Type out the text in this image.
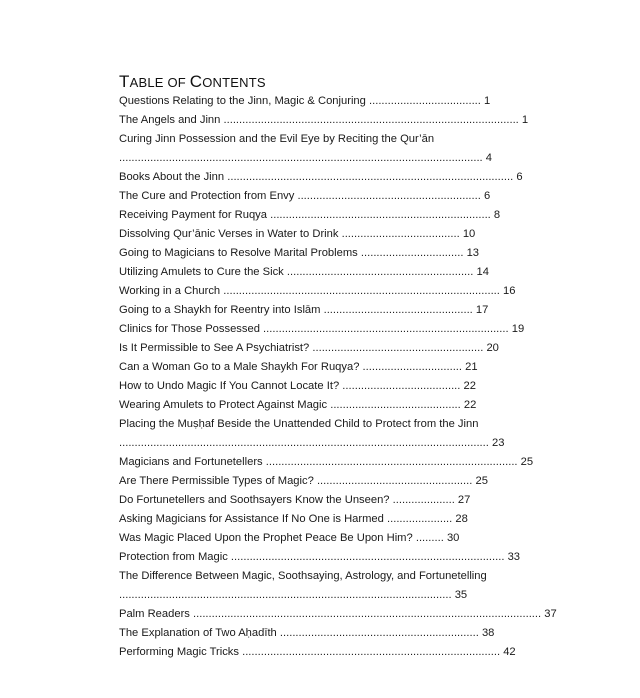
TABLE OF CONTENTS
Questions Relating to the Jinn, Magic & Conjuring .................................... 1
The Angels and Jinn ............................................................................................... 1
Curing Jinn Possession and the Evil Eye by Reciting the Qur’ān
..................................................................................................................... 4
Books About the Jinn ............................................................................................ 6
The Cure and Protection from Envy ........................................................... 6
Receiving Payment for Ruqya ....................................................................... 8
Dissolving Qur’ānic Verses in Water to Drink ...................................... 10
Going to Magicians to Resolve Marital Problems ................................. 13
Utilizing Amulets to Cure the Sick ............................................................ 14
Working in a Church ......................................................................................... 16
Going to a Shaykh for Reentry into Islām ................................................ 17
Clinics for Those Possessed ............................................................................... 19
Is It Permissible to See A Psychiatrist? ....................................................... 20
Can a Woman Go to a Male Shaykh For Ruqya? ................................ 21
How to Undo Magic If You Cannot Locate It? ...................................... 22
Wearing Amulets to Protect Against Magic .......................................... 22
Placing the Muṣḥaf Beside the Unattended Child to Protect from the Jinn
....................................................................................................................... 23
Magicians and Fortunetellers ................................................................................. 25
Are There Permissible Types of Magic? .................................................. 25
Do Fortunetellers and Soothsayers Know the Unseen? .................... 27
Asking Magicians for Assistance If No One is Harmed ..................... 28
Was Magic Placed Upon the Prophet Peace Be Upon Him? ......... 30
Protection from Magic ........................................................................................ 33
The Difference Between Magic, Soothsaying, Astrology, and Fortunetelling
........................................................................................................... 35
Palm Readers ................................................................................................................ 37
The Explanation of Two Aḥadīth ................................................................ 38
Performing Magic Tricks ................................................................................... 42
